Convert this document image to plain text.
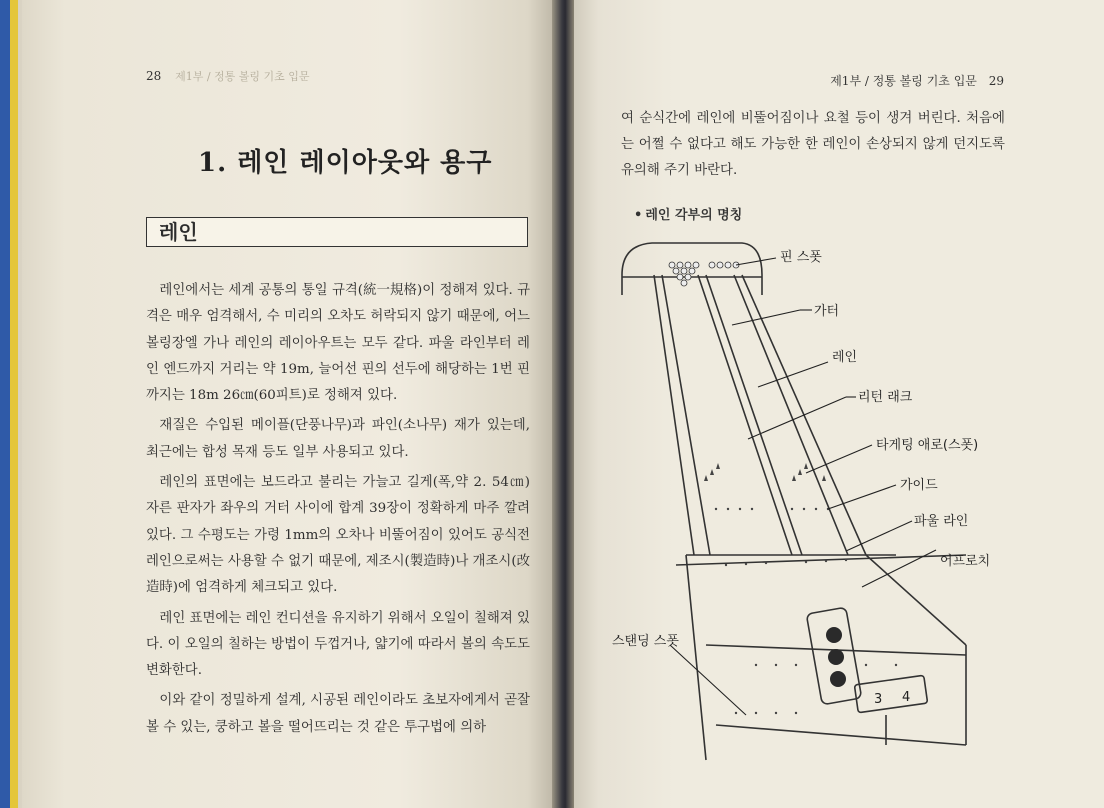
28 제1부 / 정통 볼링 기초 입문
1. 레인 레이아웃와 용구
레인

레인에서는 세계 공통의 통일 규격(統一規格)이 정해져 있다. 규격은 매우 엄격해서, 수 미리의 오차도 허락되지 않기 때문에, 어느 볼링장엘 가나 레인의 레이아우트는 모두 같다. 파울 라인부터 레인 엔드까지 거리는 약 19m, 늘어선 핀의 선두에 해당하는 1번 핀까지는 18m 26㎝(60피트)로 정해져 있다.

재질은 수입된 메이플(단풍나무)과 파인(소나무) 재가 있는데, 최근에는 합성 목재 등도 일부 사용되고 있다.

레인의 표면에는 보드라고 불리는 가늘고 길게(폭,약 2. 54㎝) 자른 판자가 좌우의 거터 사이에 합계 39장이 정확하게 마주 깔려 있다. 그 수평도는 가령 1mm의 오차나 비뚤어짐이 있어도 공식전 레인으로써는 사용할 수 없기 때문에, 제조시(製造時)나 개조시(改造時)에 엄격하게 체크되고 있다.

레인 표면에는 레인 컨디션을 유지하기 위해서 오일이 칠해져 있다. 이 오일의 칠하는 방법이 두껍거나, 얇기에 따라서 볼의 속도도 변화한다.

이와 같이 정밀하게 설계, 시공된 레인이라도 초보자에게서 곧잘 볼 수 있는, 쿵하고 볼을 떨어뜨리는 것 같은 투구법에 의하

제1부 / 정통 볼링 기초 입문 29

여 순식간에 레인에 비뚤어짐이나 요철 등이 생겨 버린다. 처음에는 어쩔 수 없다고 해도 가능한 한 레인이 손상되지 않게 던지도록 유의해 주기 바란다.

• 레인 각부의 명칭
핀 스폿
가터
레인
리턴 래크
타게팅 애로(스폿)
가이드
파울 라인
어프로치
스탠딩 스폿
3 4
